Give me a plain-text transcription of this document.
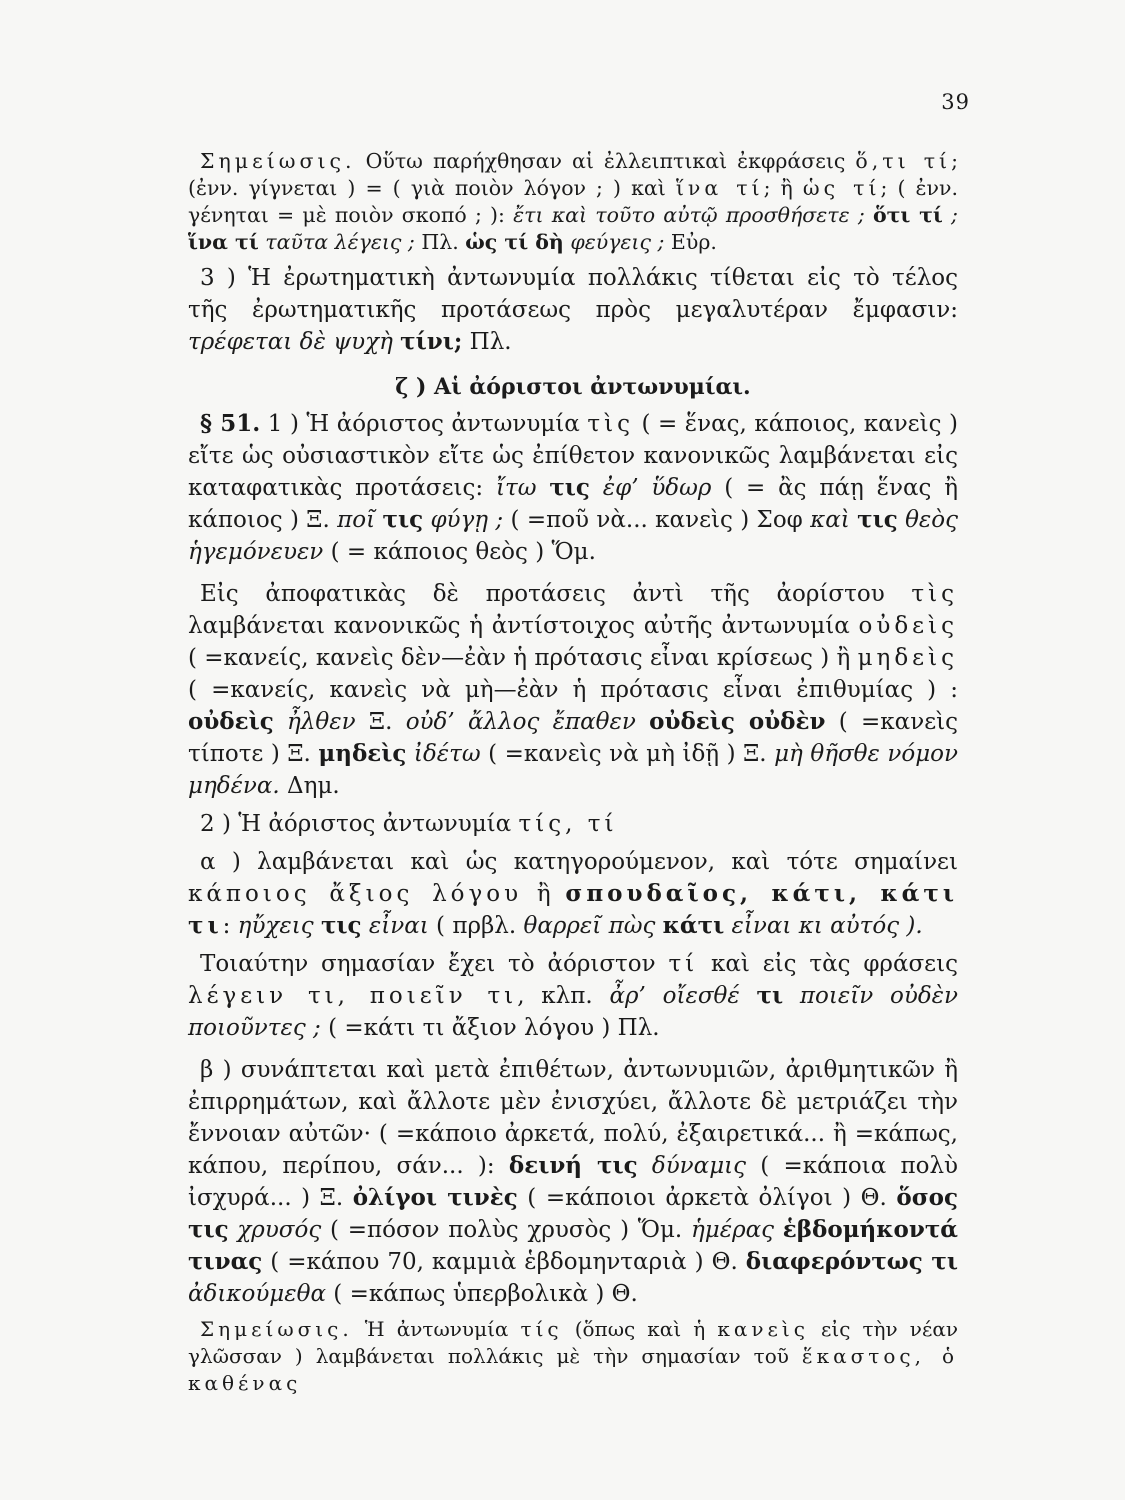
39

Σημείωσις. Οὕτω παρήχθησαν αἱ ἐλλειπτικαὶ ἐκφράσεις ὅ,τι τί; (ἐνν. γίγνεται ) = ( γιὰ ποιὸν λόγον ; ) καὶ ἵνα τί; ἢ ὡς τί; ( ἐνν. γένηται = μὲ ποιὸν σκοπό ; ): ἔτι καὶ τοῦτο αὐτῷ προσθήσετε ; ὅτι τί ; ἵνα τί ταῦτα λέγεις ; Πλ. ὡς τί δὴ φεύγεις ; Εὐρ.

3 ) Ἡ ἐρωτηματικὴ ἀντωνυμία πολλάκις τίθεται εἰς τὸ τέλος τῆς ἐρωτηματικῆς προτάσεως πρὸς μεγαλυτέραν ἔμφασιν: τρέφεται δὲ ψυχὴ τίνι; Πλ.

ζ ) Αἱ ἀόριστοι ἀντωνυμίαι.

§ 51. 1 ) Ἡ ἀόριστος ἀντωνυμία τὶς ( = ἕνας, κάποιος, κανεὶς ) εἴτε ὡς οὐσιαστικὸν εἴτε ὡς ἐπίθετον κανονικῶς λαμβάνεται εἰς καταφατικὰς προτάσεις: ἴτω τις ἐφ’ ὕδωρ ( = ἂς πάῃ ἕνας ἢ κάποιος ) Ξ. ποῖ τις φύγῃ ; ( =ποῦ νὰ... κανεὶς ) Σοφ καὶ τις θεὸς ἡγεμόνευεν ( = κάποιος θεὸς ) Ὅμ.

Εἰς ἀποφατικὰς δὲ προτάσεις ἀντὶ τῆς ἀορίστου τὶς λαμβάνεται κανονικῶς ἡ ἀντίστοιχος αὐτῆς ἀντωνυμία οὐδεὶς ( =κανείς, κανεὶς δὲν—ἐὰν ἡ πρότασις εἶναι κρίσεως ) ἢ μηδεὶς ( =κανείς, κανεὶς νὰ μὴ—ἐὰν ἡ πρότασις εἶναι ἐπιθυμίας ) : οὐδεὶς ἦλθεν Ξ. οὐδ’ ἄλλος ἔπαθεν οὐδεὶς οὐδὲν ( =κανεὶς τίποτε ) Ξ. μηδεὶς ἰδέτω ( =κανεὶς νὰ μὴ ἰδῇ ) Ξ. μὴ θῆσθε νόμον μηδένα. Δημ.

2 ) Ἡ ἀόριστος ἀντωνυμία τίς, τί

α ) λαμβάνεται καὶ ὡς κατηγορούμενον, καὶ τότε σημαίνει κάποιος ἄξιος λόγου ἢ σπουδαῖος, κάτι, κάτι τι: ηὔχεις τις εἶναι ( πρβλ. θαρρεῖ πὼς κάτι εἶναι κι αὐτός ).

Τοιαύτην σημασίαν ἔχει τὸ ἀόριστον τί καὶ εἰς τὰς φράσεις λέγειν τι, ποιεῖν τι, κλπ. ἆρ’ οἴεσθέ τι ποιεῖν οὐδὲν ποιοῦντες ; ( =κάτι τι ἄξιον λόγου ) Πλ.

β ) συνάπτεται καὶ μετὰ ἐπιθέτων, ἀντωνυμιῶν, ἀριθμητικῶν ἢ ἐπιρρημάτων, καὶ ἄλλοτε μὲν ἐνισχύει, ἄλλοτε δὲ μετριάζει τὴν ἔννοιαν αὐτῶν· ( =κάποιο ἀρκετά, πολύ, ἐξαιρετικά... ἢ =κάπως, κάπου, περίπου, σάν... ): δεινή τις δύναμις ( =κάποια πολὺ ἰσχυρά... ) Ξ. ὀλίγοι τινὲς ( =κάποιοι ἀρκετὰ ὀλίγοι ) Θ. ὅσος τις χρυσός ( =πόσον πολὺς χρυσὸς ) Ὅμ. ἡμέρας ἑβδομήκοντά τινας ( =κάπου 70, καμμιὰ ἑβδομηνταριὰ ) Θ. διαφερόντως τι ἀδικούμεθα ( =κάπως ὑπερβολικὰ ) Θ.

Σημείωσις. Ἡ ἀντωνυμία τίς (ὅπως καὶ ἡ κανεὶς εἰς τὴν νέαν γλῶσσαν ) λαμβάνεται πολλάκις μὲ τὴν σημασίαν τοῦ ἕκαστος, ὁ καθένας
